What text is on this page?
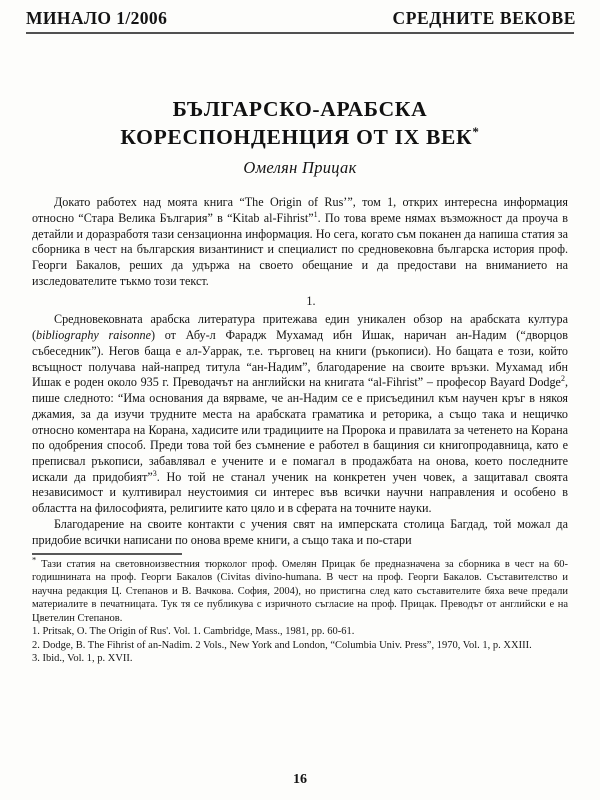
МИНАЛО 1/2006	СРЕДНИТЕ ВЕКОВЕ
БЪЛГАРСКО-АРАБСКА
КОРЕСПОНДЕНЦИЯ ОТ IX ВЕК*
Омелян Прицак

Докато работех над моята книга “The Origin of Rus’”, том 1, открих интересна информация относно “Стара Велика България” в “Kitab al-Fihrist”$^1$. По това време нямах възможност да проуча в детайли и доразработя тази сензационна информация. Но сега, когато съм поканен да напиша статия за сборника в чест на българския византинист и специалист по средновековна българска история проф. Георги Бакалов, реших да удържа на своето обещание и да предостави на вниманието на изследователите тъкмо този текст.

1.

Средновековната арабска литература притежава един уникален обзор на арабската култура (bibliography raisonne) от Абу-л Фарадж Мухамад ибн Ишак, наричан ан-Надим (“дворцов събеседник”). Негов баща е ал-Уаррак, т.е. търговец на книги (ръкописи). Но бащата е този, който всъщност получава най-напред титула “ан-Надим”, благодарение на своите връзки. Мухамад ибн Ишак е роден около 935 г. Преводачът на английски на книгата “al-Fihrist” – професор Bayard Dodge$^2$, пише следното: “Има основания да вярваме, че ан-Надим се е присъединил към научен кръг в някоя джамия, за да изучи трудните места на арабската граматика и реторика, а също така и нещичко относно коментара на Корана, хадисите или традициите на Пророка и правилата за четенето на Корана по одобрения способ. Преди това той без съмнение е работел в бащиния си книгопродавница, като е преписвал ръкописи, забавлявал е учените и е помагал в продажбата на онова, което последните искали да придобият”$^3$. Но той не станал ученик на конкретен учен човек, а защитавал своята независимост и култивирал неустоимия си интерес във всички научни направления и особено в областта на философията, религиите като цяло и в сферата на точните науки.

Благодарение на своите контакти с учения свят на имперската столица Багдад, той можал да придобие всички написани по онова време книги, а също така и по-стари

* Тази статия на световноизвестния тюрколог проф. Омелян Прицак бе предназначена за сборника в чест на 60-годишнината на проф. Георги Бакалов (Civitas divino-humana. В чест на проф. Георги Бакалов. Съставителство и научна редакция Ц. Степанов и В. Вачкова. София, 2004), но пристигна след като съставителите бяха вече предали материалите в печатницата. Тук тя се публикува с изричното съгласие на проф. Прицак. Преводът от английски е на Цветелин Степанов.

1. Pritsak, O. The Origin of Rus'. Vol. 1. Cambridge, Mass., 1981, pp. 60-61.

2. Dodge, B. The Fihrist of an-Nadim. 2 Vols., New York and London, “Columbia Univ. Press”, 1970, Vol. 1, p. XXIII.

3. Ibid., Vol. 1, p. XVII.

16
